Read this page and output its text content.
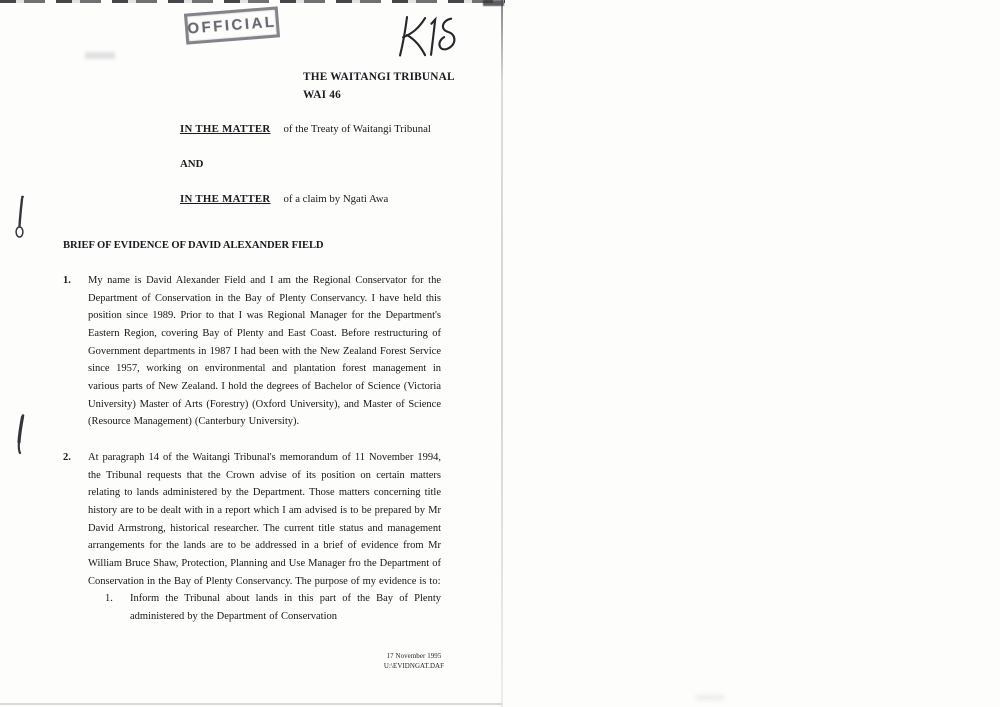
OFFICIAL
THE WAITANGI TRIBUNAL
WAI 46
IN THE MATTER of the Treaty of Waitangi Tribunal
AND
IN THE MATTER of a claim by Ngati Awa
BRIEF OF EVIDENCE OF DAVID ALEXANDER FIELD
1. My name is David Alexander Field and I am the Regional Conservator for the Department of Conservation in the Bay of Plenty Conservancy. I have held this position since 1989. Prior to that I was Regional Manager for the Department's Eastern Region, covering Bay of Plenty and East Coast. Before restructuring of Government departments in 1987 I had been with the New Zealand Forest Service since 1957, working on environmental and plantation forest management in various parts of New Zealand. I hold the degrees of Bachelor of Science (Victoria University) Master of Arts (Forestry) (Oxford University), and Master of Science (Resource Management) (Canterbury University).
2. At paragraph 14 of the Waitangi Tribunal's memorandum of 11 November 1994, the Tribunal requests that the Crown advise of its position on certain matters relating to lands administered by the Department. Those matters concerning title history are to be dealt with in a report which I am advised is to be prepared by Mr David Armstrong, historical researcher. The current title status and management arrangements for the lands are to be addressed in a brief of evidence from Mr William Bruce Shaw, Protection, Planning and Use Manager fro the Department of Conservation in the Bay of Plenty Conservancy. The purpose of my evidence is to:
1. Inform the Tribunal about lands in this part of the Bay of Plenty administered by the Department of Conservation
17 November 1995
U:\EVIDNGAT.DAF
